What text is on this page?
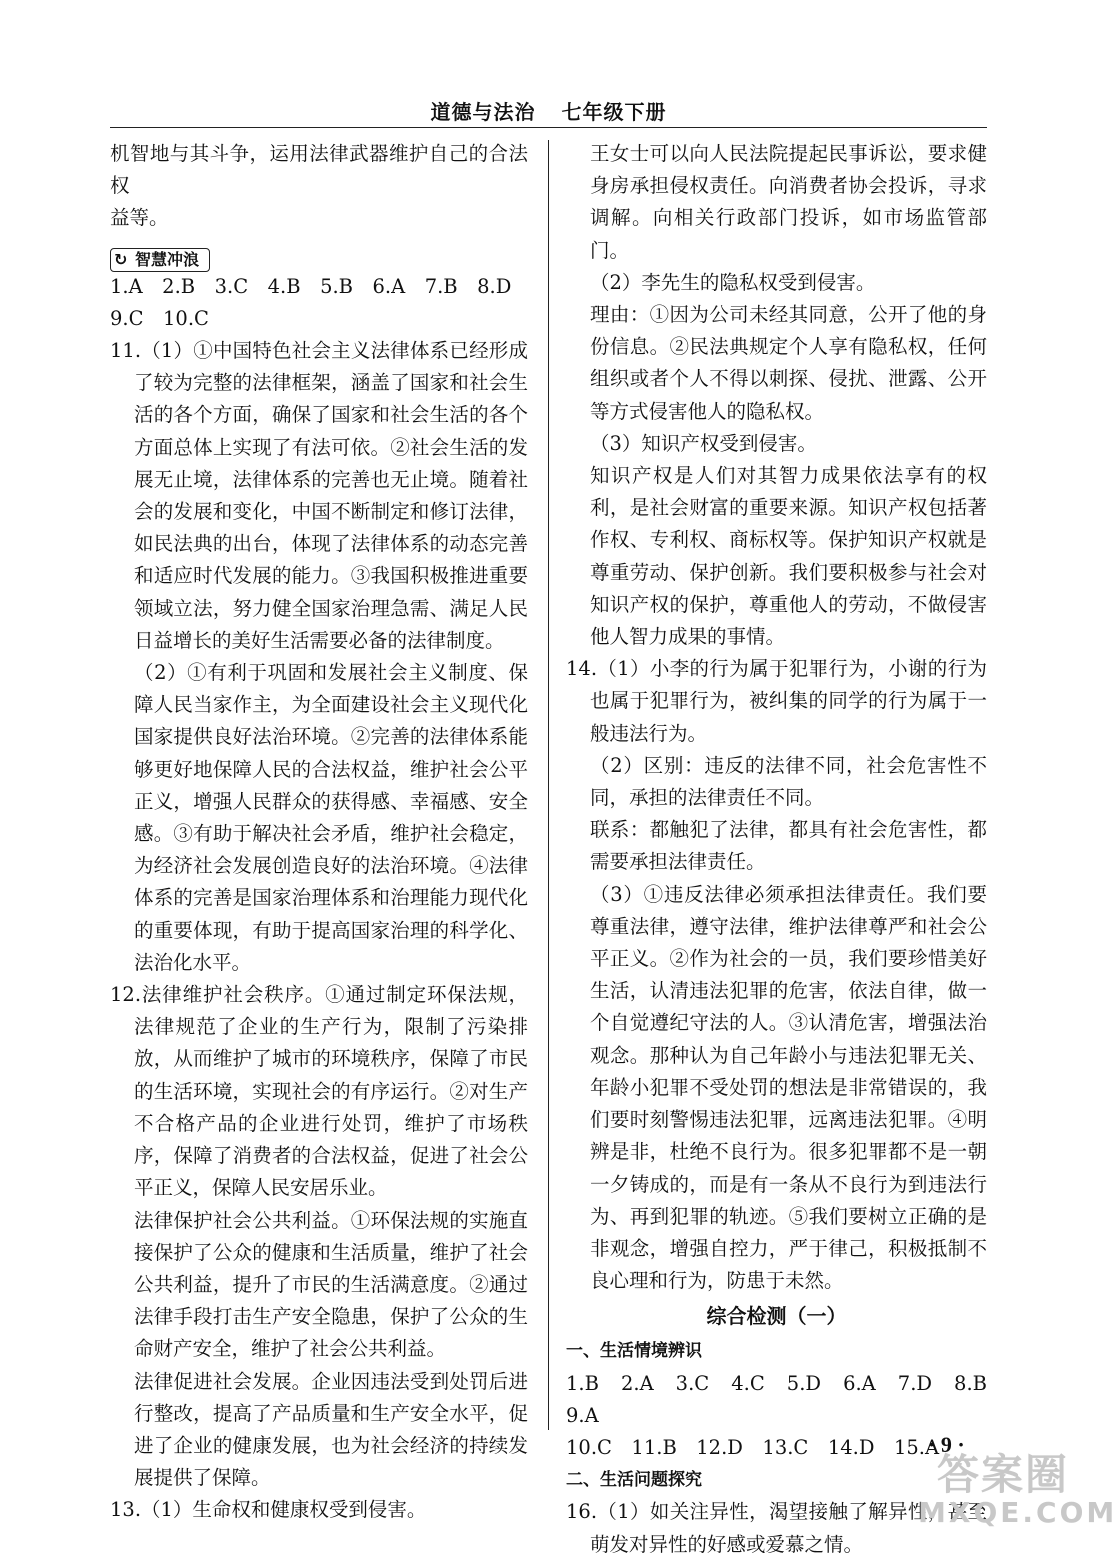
道德与法治 七年级下册

机智地与其斗争，运用法律武器维护自己的合法权

益等。

↻ 智慧冲浪

1.A　2.B　3.C　4.B　5.B　6.A　7.B　8.D

9.C　10.C

11.（1）①中国特色社会主义法律体系已经形成了较为完整的法律框架，涵盖了国家和社会生活的各个方面，确保了国家和社会生活的各个方面总体上实现了有法可依。②社会生活的发展无止境，法律体系的完善也无止境。随着社会的发展和变化，中国不断制定和修订法律，如民法典的出台，体现了法律体系的动态完善和适应时代发展的能力。③我国积极推进重要领域立法，努力健全国家治理急需、满足人民日益增长的美好生活需要必备的法律制度。

（2）①有利于巩固和发展社会主义制度、保障人民当家作主，为全面建设社会主义现代化国家提供良好法治环境。②完善的法律体系能够更好地保障人民的合法权益，维护社会公平正义，增强人民群众的获得感、幸福感、安全感。③有助于解决社会矛盾，维护社会稳定，为经济社会发展创造良好的法治环境。④法律体系的完善是国家治理体系和治理能力现代化的重要体现，有助于提高国家治理的科学化、法治化水平。

12.法律维护社会秩序。①通过制定环保法规，法律规范了企业的生产行为，限制了污染排放，从而维护了城市的环境秩序，保障了市民的生活环境，实现社会的有序运行。②对生产不合格产品的企业进行处罚，维护了市场秩序，保障了消费者的合法权益，促进了社会公平正义，保障人民安居乐业。

法律保护社会公共利益。①环保法规的实施直接保护了公众的健康和生活质量，维护了社会公共利益，提升了市民的生活满意度。②通过法律手段打击生产安全隐患，保护了公众的生命财产安全，维护了社会公共利益。

法律促进社会发展。企业因违法受到处罚后进行整改，提高了产品质量和生产安全水平，促进了企业的健康发展，也为社会经济的持续发展提供了保障。

13.（1）生命权和健康权受到侵害。

王女士可以向人民法院提起民事诉讼，要求健身房承担侵权责任。向消费者协会投诉，寻求调解。向相关行政部门投诉，如市场监管部门。

（2）李先生的隐私权受到侵害。

理由：①因为公司未经其同意，公开了他的身份信息。②民法典规定个人享有隐私权，任何组织或者个人不得以刺探、侵扰、泄露、公开等方式侵害他人的隐私权。

（3）知识产权受到侵害。

知识产权是人们对其智力成果依法享有的权利，是社会财富的重要来源。知识产权包括著作权、专利权、商标权等。保护知识产权就是尊重劳动、保护创新。我们要积极参与社会对知识产权的保护，尊重他人的劳动，不做侵害他人智力成果的事情。

14.（1）小李的行为属于犯罪行为，小谢的行为也属于犯罪行为，被纠集的同学的行为属于一般违法行为。

（2）区别：违反的法律不同，社会危害性不同，承担的法律责任不同。

联系：都触犯了法律，都具有社会危害性，都需要承担法律责任。

（3）①违反法律必须承担法律责任。我们要尊重法律，遵守法律，维护法律尊严和社会公平正义。②作为社会的一员，我们要珍惜美好生活，认清违法犯罪的危害，依法自律，做一个自觉遵纪守法的人。③认清危害，增强法治观念。那种认为自己年龄小与违法犯罪无关、年龄小犯罪不受处罚的想法是非常错误的，我们要时刻警惕违法犯罪，远离违法犯罪。④明辨是非，杜绝不良行为。很多犯罪都不是一朝一夕铸成的，而是有一条从不良行为到违法行为、再到犯罪的轨迹。⑤我们要树立正确的是非观念，增强自控力，严于律己，积极抵制不良心理和行为，防患于未然。

综合检测（一）

一、生活情境辨识

1.B　2.A　3.C　4.C　5.D　6.A　7.D　8.B　9.A

10.C　11.B　12.D　13.C　14.D　15.A

二、生活问题探究

16.（1）如关注异性，渴望接触了解异性，甚至萌发对异性的好感或爱慕之情。

· 9 ·
答案圈
MXQE.COM
